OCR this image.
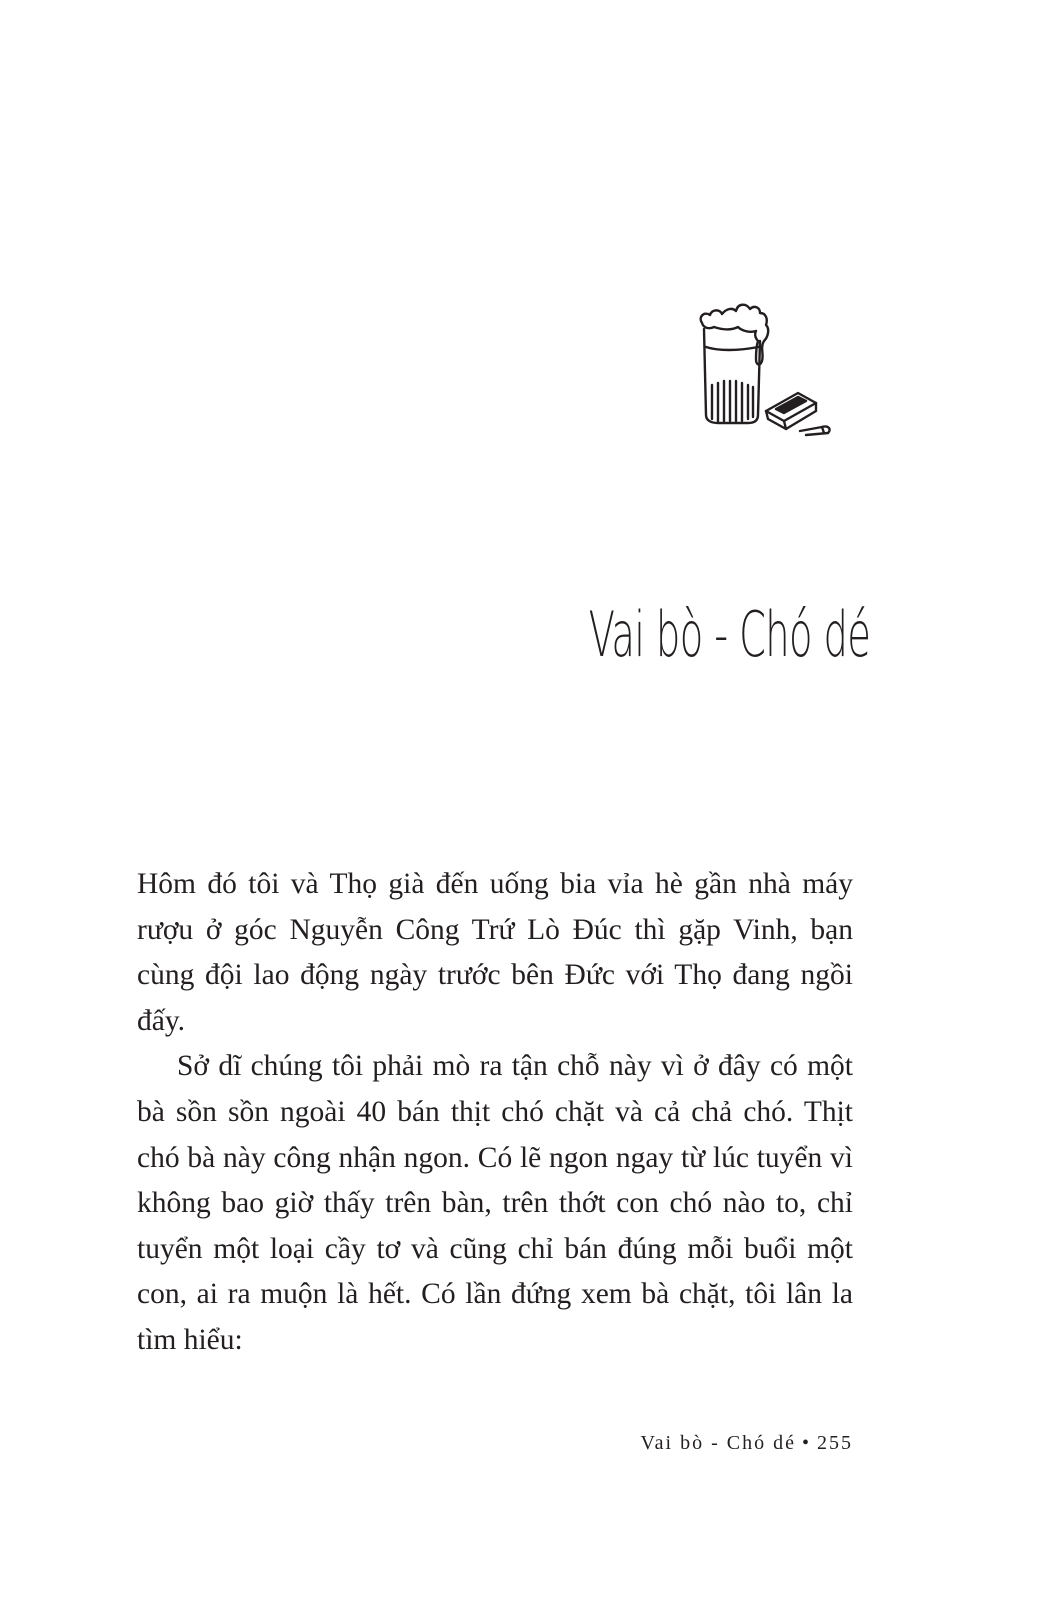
Vai bò - Chó dé

Hôm đó tôi và Thọ già đến uống bia vỉa hè gần nhà máy rượu ở góc Nguyễn Công Trứ Lò Đúc thì gặp Vinh, bạn cùng đội lao động ngày trước bên Đức với Thọ đang ngồi đấy.

Sở dĩ chúng tôi phải mò ra tận chỗ này vì ở đây có một bà sồn sồn ngoài 40 bán thịt chó chặt và cả chả chó. Thịt chó bà này công nhận ngon. Có lẽ ngon ngay từ lúc tuyển vì không bao giờ thấy trên bàn, trên thớt con chó nào to, chỉ tuyển một loại cầy tơ và cũng chỉ bán đúng mỗi buổi một con, ai ra muộn là hết. Có lần đứng xem bà chặt, tôi lân la tìm hiểu:

Vai bò - Chó dé • 255
